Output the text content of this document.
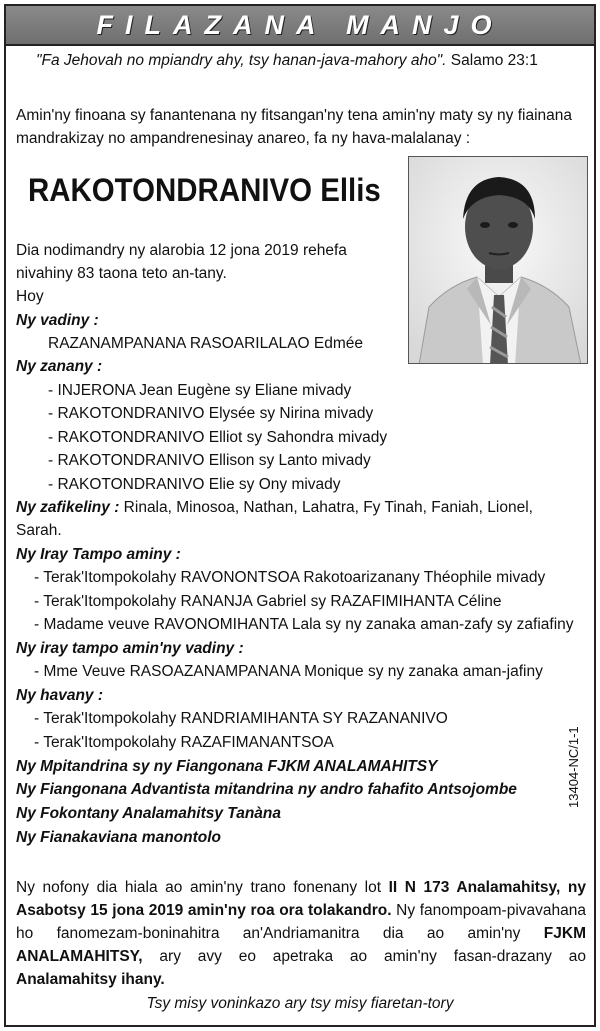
FILAZANA MANJO
"Fa Jehovah no mpiandry ahy, tsy hanan-java-mahory aho". Salamo 23:1
Amin'ny finoana sy fanantenana ny fitsangan'ny tena amin'ny maty sy ny fiainana
mandrakizay no ampandrenesinay anareo, fa ny hava-malalanay :
RAKOTONDRANIVO Ellis
Dia nodimandry ny alarobia 12 jona 2019 rehefa
nivahiny 83 taona teto an-tany.
Hoy
Ny vadiny :
RAZANAMPANANA RASOARILALAO Edmée
Ny zanany :
- INJERONA Jean Eugène sy Eliane mivady
- RAKOTONDRANIVO Elysée sy Nirina mivady
- RAKOTONDRANIVO Elliot sy Sahondra mivady
- RAKOTONDRANIVO Ellison sy Lanto mivady
- RAKOTONDRANIVO Elie sy Ony mivady
Ny zafikeliny : Rinala, Minosoa, Nathan, Lahatra, Fy Tinah, Faniah, Lionel,
Sarah.
Ny Iray Tampo aminy :
- Terak'Itompokolahy RAVONONTSOA Rakotoarizanany Théophile mivady
- Terak'Itompokolahy RANANJA Gabriel sy RAZAFIMIHANTA Céline
- Madame veuve RAVONOMIHANTA Lala sy ny zanaka aman-zafy sy zafiafiny
Ny iray tampo amin'ny vadiny :
- Mme Veuve RASOAZANAMPANANA Monique sy ny zanaka aman-jafiny
Ny havany :
- Terak'Itompokolahy RANDRIAMIHANTA SY RAZANANIVO
- Terak'Itompokolahy RAZAFIMANANTSOA
Ny Mpitandrina sy ny Fiangonana FJKM ANALAMAHITSY
Ny Fiangonana Advantista mitandrina ny andro fahafito Antsojombe
Ny Fokontany Analamahitsy Tanàna
Ny Fianakaviana manontolo
13404-NC/1-1
Ny nofony dia hiala ao amin'ny trano fonenany lot II N 173 Analamahitsy, ny Asabotsy 15 jona 2019 amin'ny roa ora tolakandro. Ny fanompoam-pivavahana ho fanomezam-boninahitra an'Andriamanitra dia ao amin'ny FJKM ANALAMAHITSY, ary avy eo apetraka ao amin'ny fasan-drazany ao Analamahitsy ihany.
Tsy misy voninkazo ary tsy misy fiaretan-tory
